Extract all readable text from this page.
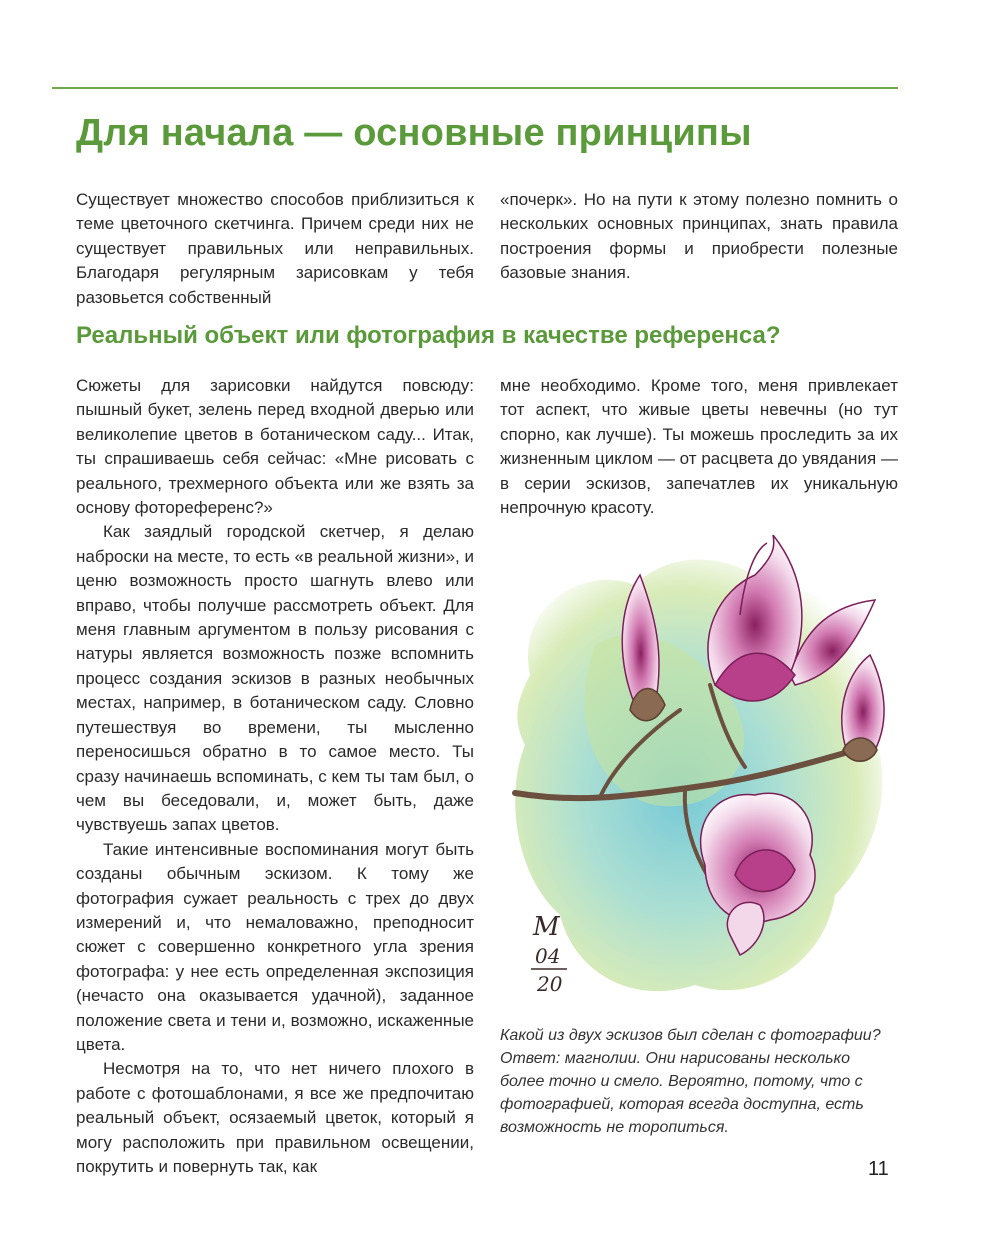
Для начала — основные принципы

Существует множество способов приблизиться к теме цветочного скетчинга. Причем среди них не существует правильных или неправильных. Благодаря регулярным зарисовкам у тебя разовьется собственный

«почерк». Но на пути к этому полезно помнить о нескольких основных принципах, знать правила построения формы и приобрести полезные базовые знания.

Реальный объект или фотография в качестве референса?

Сюжеты для зарисовки найдутся повсюду: пышный букет, зелень перед входной дверью или великолепие цветов в ботаническом саду... Итак, ты спрашиваешь себя сейчас: «Мне рисовать с реального, трехмерного объекта или же взять за основу фотореференс?»

Как заядлый городской скетчер, я делаю наброски на месте, то есть «в реальной жизни», и ценю возможность просто шагнуть влево или вправо, чтобы получше рассмотреть объект. Для меня главным аргументом в пользу рисования с натуры является возможность позже вспомнить процесс создания эскизов в разных необычных местах, например, в ботаническом саду. Словно путешествуя во времени, ты мысленно переносишься обратно в то самое место. Ты сразу начинаешь вспоминать, с кем ты там был, о чем вы беседовали, и, может быть, даже чувствуешь запах цветов.

Такие интенсивные воспоминания могут быть созданы обычным эскизом. К тому же фотография сужает реальность с трех до двух измерений и, что немаловажно, преподносит сюжет с совершенно конкретного угла зрения фотографа: у нее есть определенная экспозиция (нечасто она оказывается удачной), заданное положение света и тени и, возможно, искаженные цвета.

Несмотря на то, что нет ничего плохого в работе с фотошаблонами, я все же предпочитаю реальный объект, осязаемый цветок, который я могу расположить при правильном освещении, покрутить и повернуть так, как

мне необходимо. Кроме того, меня привлекает тот аспект, что живые цветы невечны (но тут спорно, как лучше). Ты можешь проследить за их жизненным циклом — от расцвета до увядания — в серии эскизов, запечатлев их уникальную непрочную красоту.

M
04
20

Какой из двух эскизов был сделан с фотографии? Ответ: магнолии. Они нарисованы несколько более точно и смело. Вероятно, потому, что с фотографией, которая всегда доступна, есть возможность не торопиться.

11
